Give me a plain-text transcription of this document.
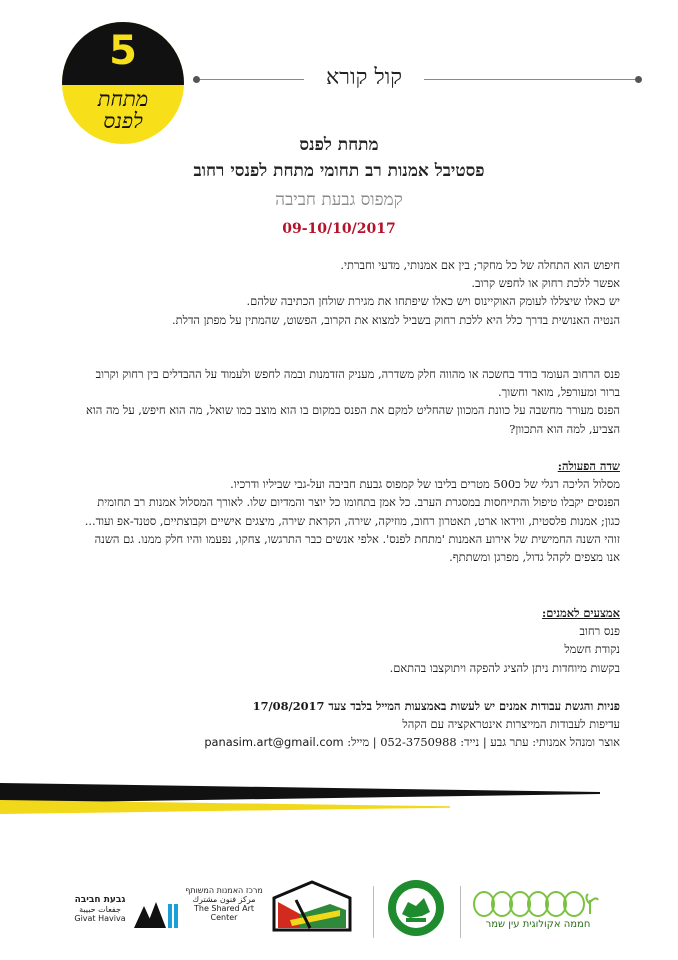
5
מתחת
לפנס
קול קורא
מתחת לפנס
פסטיבל אמנות רב תחומי מתחת לפנסי רחוב
קמפוס גבעת חביבה
09-10/10/2017
חיפוש הוא התחלה של כל מחקר; בין אם אמנותי, מדעי וחברתי.
אפשר ללכת רחוק או לחפש קרוב.
יש כאלו שיצללו לעומק האוקיינוס ויש כאלו שיפתחו את מגירת שולחן הכתיבה שלהם.
הנטיה האנושית בדרך כלל היא ללכת רחוק בשביל למצוא את הקרוב, הפשוט, שהמתין על מפתן הדלת.
פנס הרחוב העומד בודד בחשכה או מהווה חלק משדרה, מעניק הזדמנות ובמה לחפש ולעמוד על ההבדלים בין רחוק וקרוב ברור ומעורפל, מואר וחשוך.
הפנס מעורר מחשבה על כוונת המכוון שהחליט למקם את הפנס במקום בו הוא מוצב כמו שואל, מה הוא חיפש, על מה הוא הצביע, למה הוא התכוון?
שדה הפעולה:
מסלול הליכה רגלי של כ500 מטרים בליבו של קמפוס גבעת חביבה ועל-גבי שביליו ודרכיו.
הפנסים יקבלו טיפול והתייחסות במסגרת הערב. כל אמן בתחומו כל יוצר והמדיום שלו. לאורך המסלול אמנות רב תחומית כגון; אמנות פלסטית, ווידאו ארט, תאטרון רחוב, מוזיקה, שירה, הקראת שירה, מיצגים אישיים וקבוצתיים, סטנד-אפ ועוד...
זוהי השנה החמישית של אירוע האמנות 'מתחת לפנס'. אלפי אנשים כבר התרגשו, צחקו, נפעמו והיו חלק ממנו. גם השנה אנו מצפים לקהל גדול, מפרגן ומשתתף.
אמצעים לאמנים:
פנס רחוב
נקודת חשמל
בקשות מיוחדות ניתן להציג להפקה ויתוקצבו בהתאם.
פניות והגשת עבודות אמנים יש לעשות באמצעות המייל בלבד צעד 17/08/2017
עדיפות לעבודות המייצרות אינטראקציה עם הקהל
אוצר ומנהל אמנותי: עתר גבע | נייד: 052-3750988 | מייל: panasim.art@gmail.com
גבעת חביבה
جفعات حبيبة
Givat Haviva
מרכז האמנות המשותף
مركز فنون مشترك
The Shared Art Center
חממה אקולוגית עין שמר
